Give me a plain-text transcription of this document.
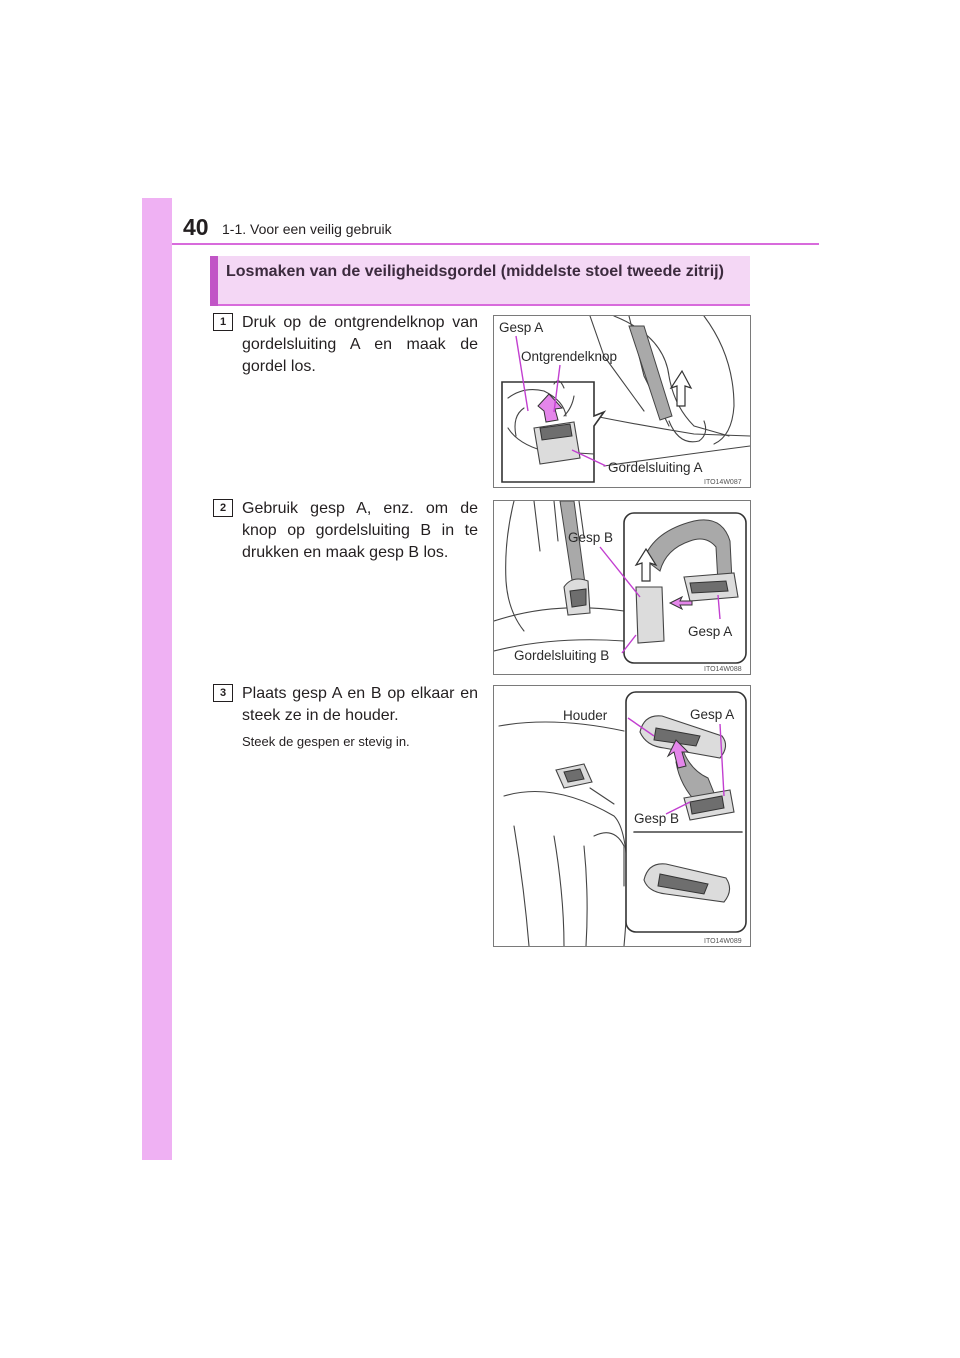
40 1-1. Voor een veilig gebruik
Losmaken van de veiligheidsgordel (middelste stoel tweede zitrij)
1 Druk op de ontgrendelknop van gordelsluiting A en maak de gordel los.
Gesp A
Ontgrendelknop
Gordelsluiting A
ITO14W087
2 Gebruik gesp A, enz. om de knop op gordelsluiting B in te drukken en maak gesp B los.
Gesp B
Gesp A
Gordelsluiting B
ITO14W088
3 Plaats gesp A en B op elkaar en steek ze in de houder.
Steek de gespen er stevig in.
Houder	Gesp A
Gesp B
ITO14W089
